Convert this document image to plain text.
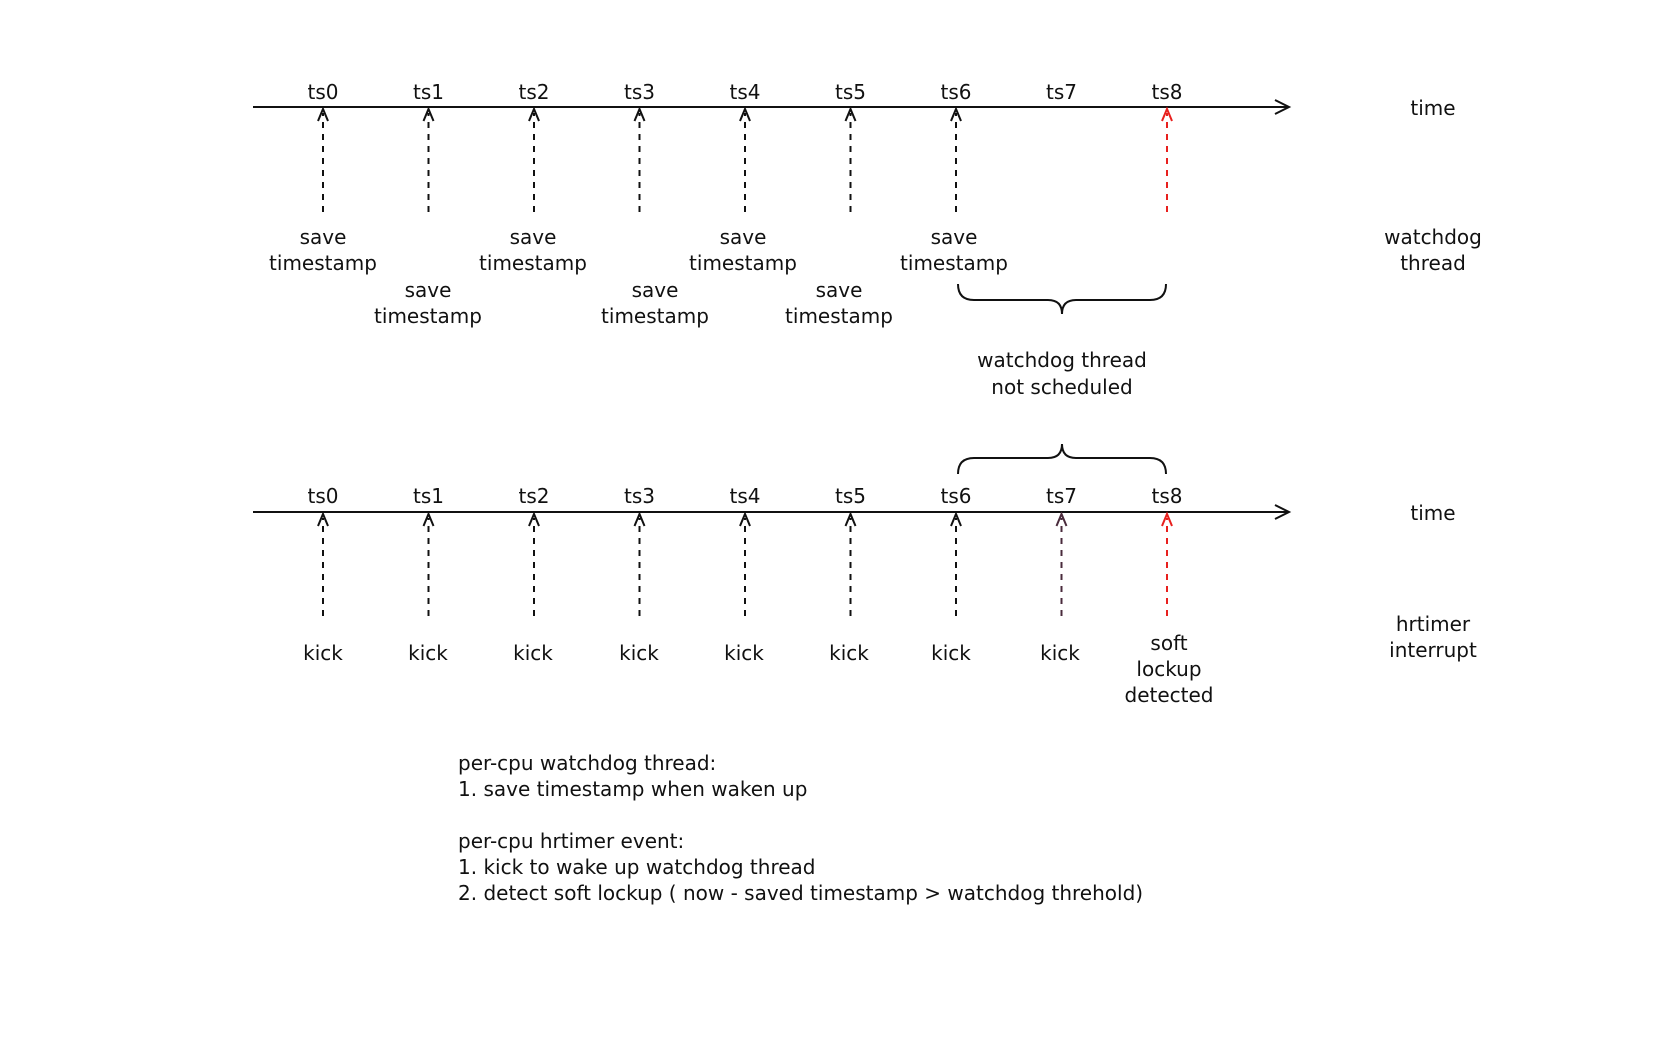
time
watchdog
thread
ts0	ts1	ts2	ts3	ts4	ts5	ts6	ts7	ts8
save
timestamp
save
timestamp
save
timestamp
save
timestamp
save
timestamp
save
timestamp
save
timestamp
watchdog thread
not scheduled
time
hrtimer
interrupt
ts0	ts1	ts2	ts3	ts4	ts5	ts6	ts7	ts8
kick	kick	kick	kick	kick	kick	kick	kick	soft
lockup
detected
per-cpu watchdog thread:
1. save timestamp when waken up
per-cpu hrtimer event:
1. kick to wake up watchdog thread
2. detect soft lockup ( now - saved timestamp > watchdog threhold)
